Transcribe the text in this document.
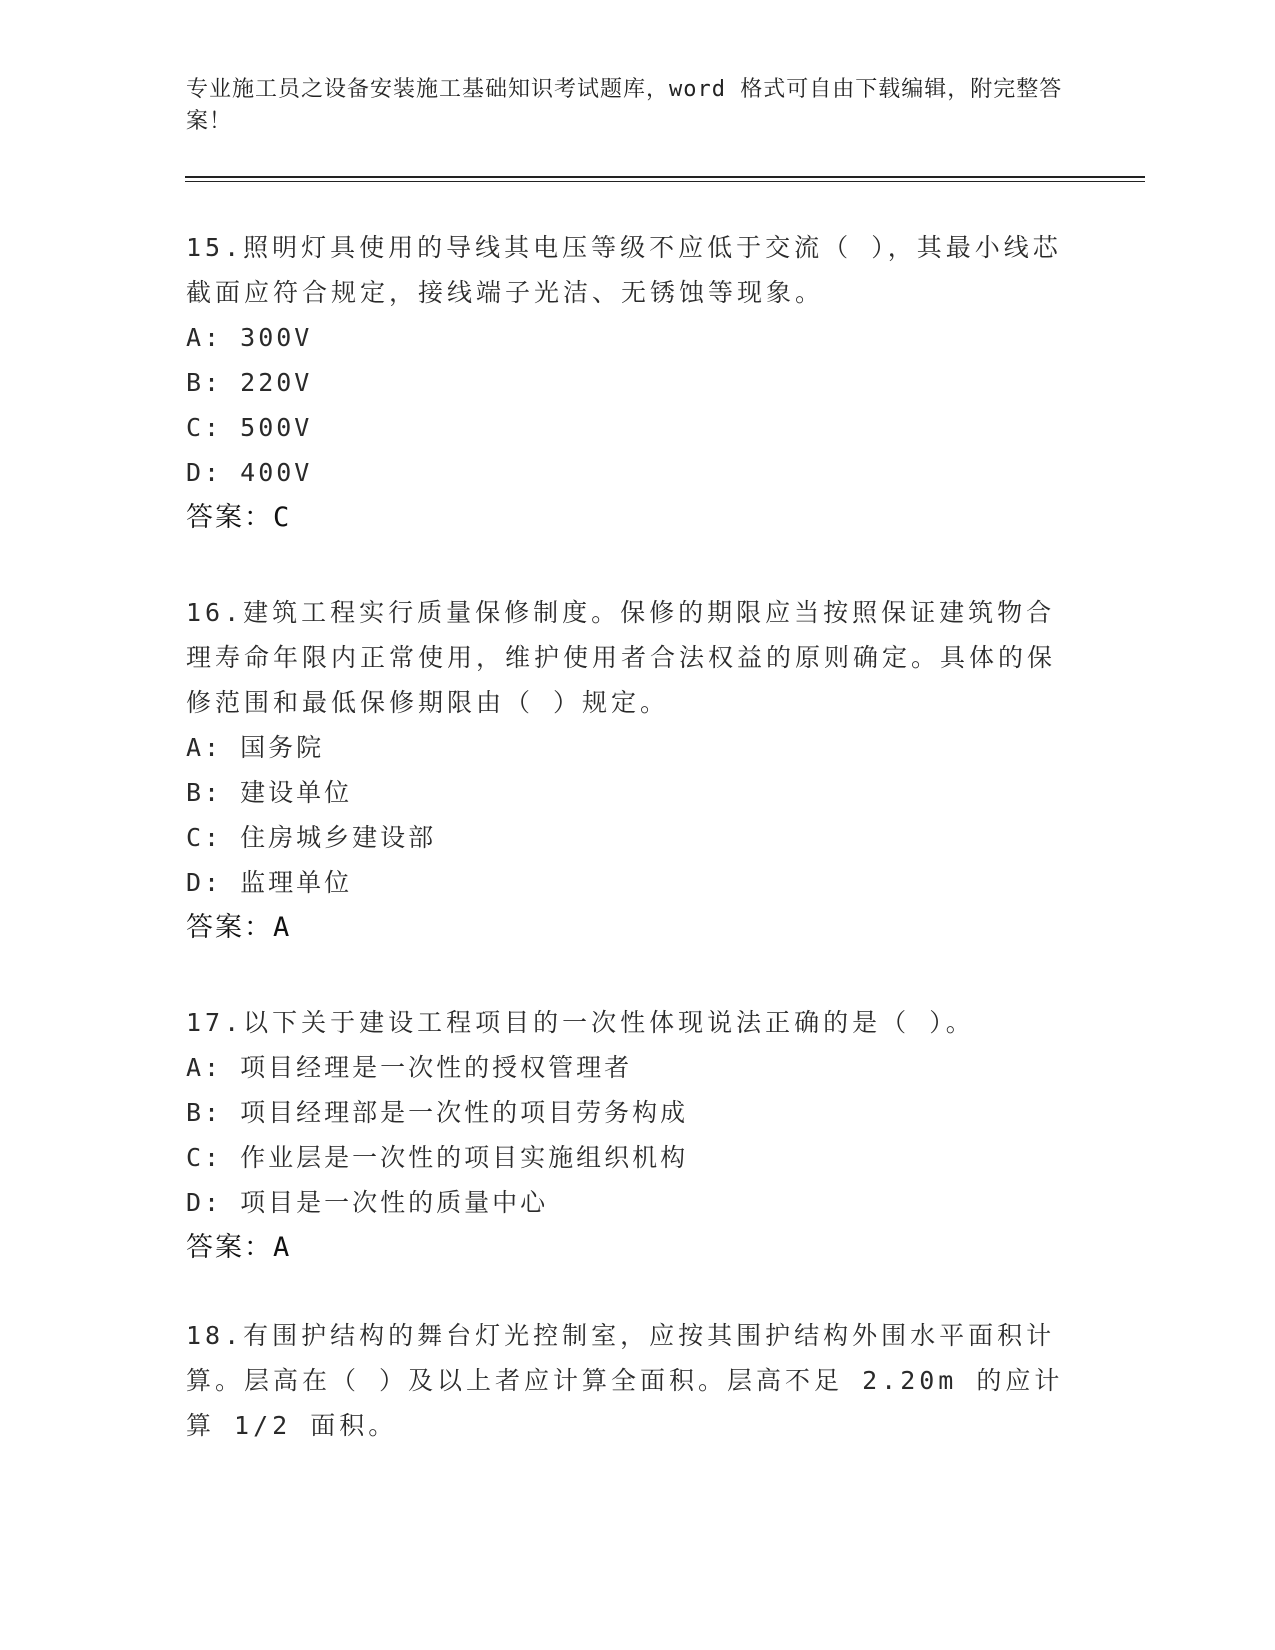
专业施工员之设备安装施工基础知识考试题库，word 格式可自由下载编辑，附完整答案！
15.照明灯具使用的导线其电压等级不应低于交流（ ），其最小线芯截面应符合规定，接线端子光洁、无锈蚀等现象。
A: 300V
B: 220V
C: 500V
D: 400V
答案：C
16.建筑工程实行质量保修制度。保修的期限应当按照保证建筑物合理寿命年限内正常使用，维护使用者合法权益的原则确定。具体的保修范围和最低保修期限由（ ）规定。
A: 国务院
B: 建设单位
C: 住房城乡建设部
D: 监理单位
答案：A
17.以下关于建设工程项目的一次性体现说法正确的是（ ）。
A: 项目经理是一次性的授权管理者
B: 项目经理部是一次性的项目劳务构成
C: 作业层是一次性的项目实施组织机构
D: 项目是一次性的质量中心
答案：A
18.有围护结构的舞台灯光控制室，应按其围护结构外围水平面积计算。层高在（ ）及以上者应计算全面积。层高不足 2.20m 的应计算 1/2 面积。
